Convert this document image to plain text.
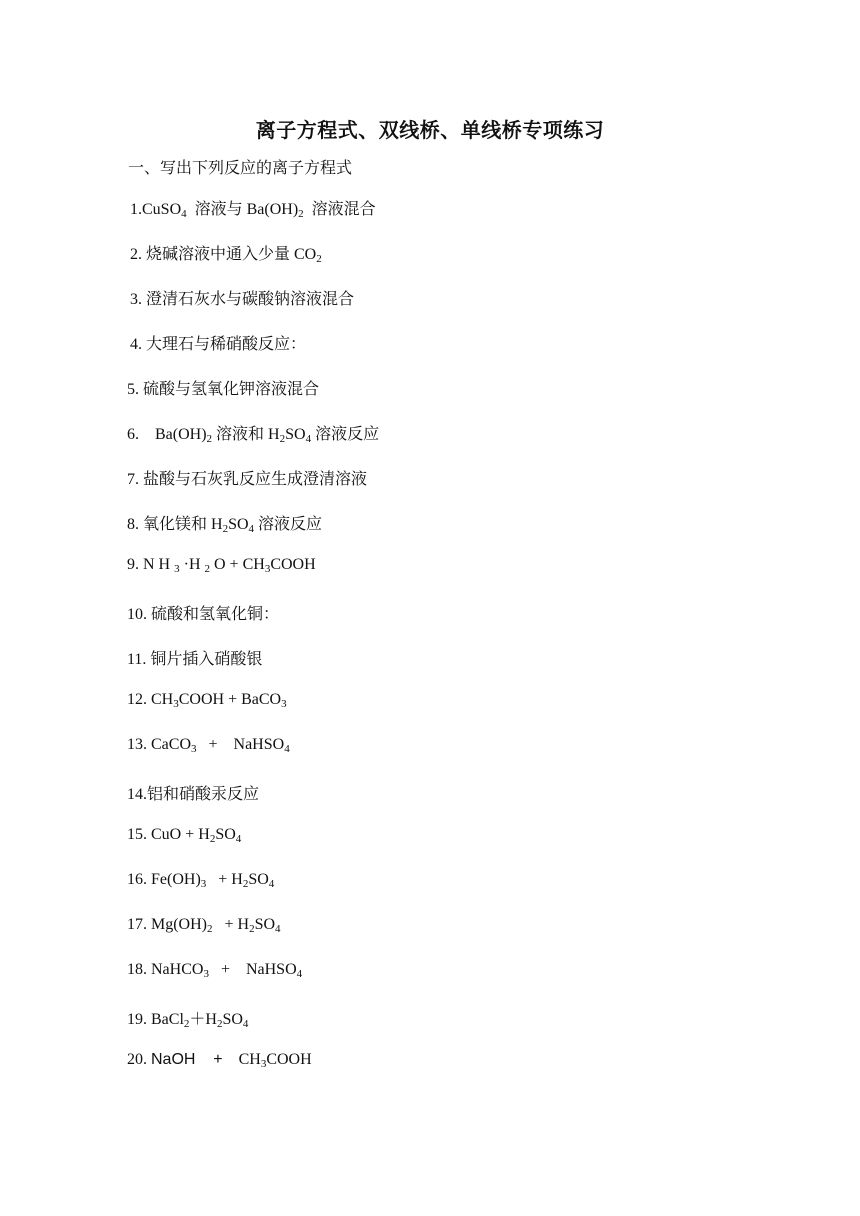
离子方程式、双线桥、单线桥专项练习
一、写出下列反应的离子方程式
1.CuSO$_4$  溶液与 $Ba(OH)_2$  溶液混合
2. 烧碱溶液中通入少量 $CO_2$
3. 澄清石灰水与碳酸钠溶液混合
4. 大理石与稀硝酸反应：
5. 硫酸与氢氧化钾溶液混合
6.    $Ba(OH)_2$ 溶液和 $H_2SO_4$ 溶液反应
7. 盐酸与石灰乳反应生成澄清溶液
8. 氧化镁和 $H_2SO_4$ 溶液反应
9. N H $_3$ ·H $_2$ $O + CH_3COOH$
10. 硫酸和氢氧化铜：
11. 铜片插入硝酸银
12. $CH_3COOH$ + BaCO$_3$
13. CaCO$_3$   +    NaHSO$_4$
14.铝和硝酸汞反应
15. CuO + $H_2SO_4$
16. $Fe(OH)_3 + H_2SO_4$
17. $Mg(OH)_2 + H_2SO_4$
18. NaHCO$_3$   +    NaHSO$_4$
19. $BaCl_2+H_2SO_4$
20. NaOH    +    $CH_3COOH$
